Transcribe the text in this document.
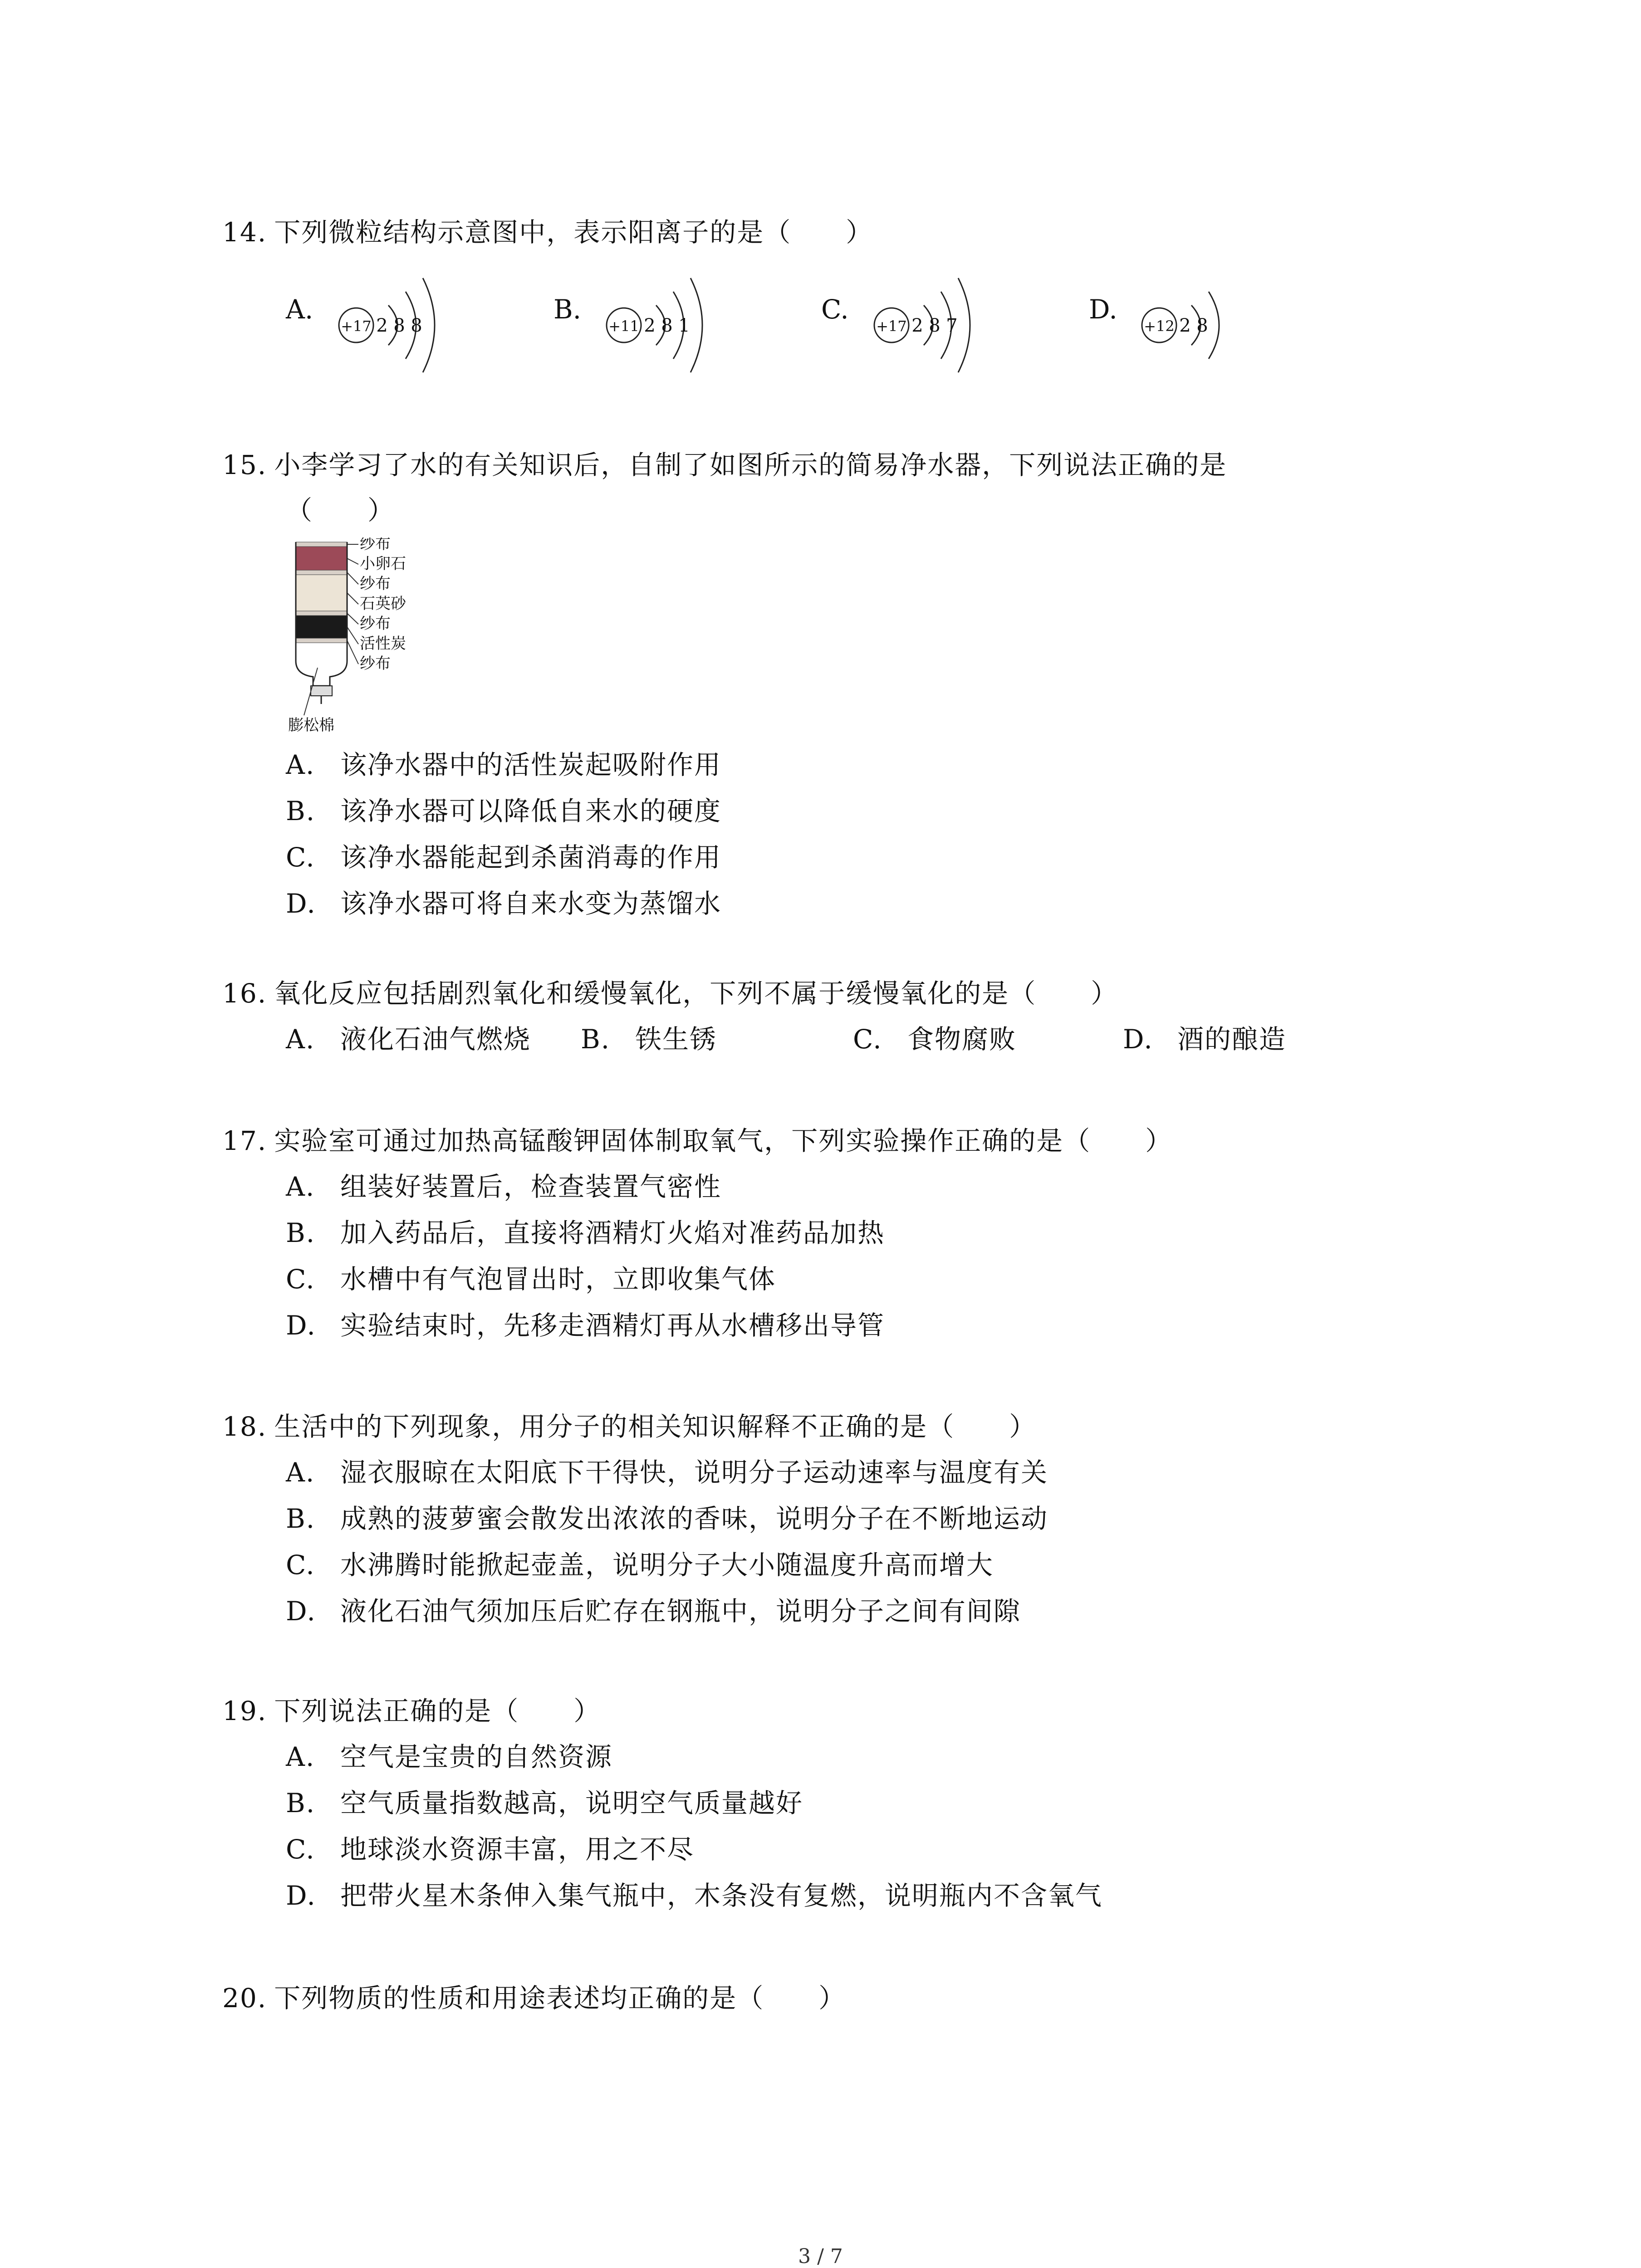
14. 下列微粒结构示意图中，表示阳离子的是（　　）
A.
+17 2 8 8
B.
+11 2 8 1
C.
+17 2 8 7
D.
+12 2 8
15. 小李学习了水的有关知识后，自制了如图所示的简易净水器，下列说法正确的是
（　　）
纱布
小卵石
纱布
石英砂
纱布
活性炭
纱布
膨松棉
A. 该净水器中的活性炭起吸附作用
B. 该净水器可以降低自来水的硬度
C. 该净水器能起到杀菌消毒的作用
D. 该净水器可将自来水变为蒸馏水
16. 氧化反应包括剧烈氧化和缓慢氧化，下列不属于缓慢氧化的是（　　）
A. 液化石油气燃烧 B. 铁生锈	C. 食物腐败	D. 酒的酿造
17. 实验室可通过加热高锰酸钾固体制取氧气，下列实验操作正确的是（　　）
A. 组装好装置后，检查装置气密性
B. 加入药品后，直接将酒精灯火焰对准药品加热
C. 水槽中有气泡冒出时，立即收集气体
D. 实验结束时，先移走酒精灯再从水槽移出导管
18. 生活中的下列现象，用分子的相关知识解释不正确的是（　　）
A. 湿衣服晾在太阳底下干得快，说明分子运动速率与温度有关
B. 成熟的菠萝蜜会散发出浓浓的香味，说明分子在不断地运动
C. 水沸腾时能掀起壶盖，说明分子大小随温度升高而增大
D. 液化石油气须加压后贮存在钢瓶中，说明分子之间有间隙
19. 下列说法正确的是（　　）
A. 空气是宝贵的自然资源
B. 空气质量指数越高，说明空气质量越好
C. 地球淡水资源丰富，用之不尽
D. 把带火星木条伸入集气瓶中，木条没有复燃，说明瓶内不含氧气
20. 下列物质的性质和用途表述均正确的是（　　）
3 / 7
